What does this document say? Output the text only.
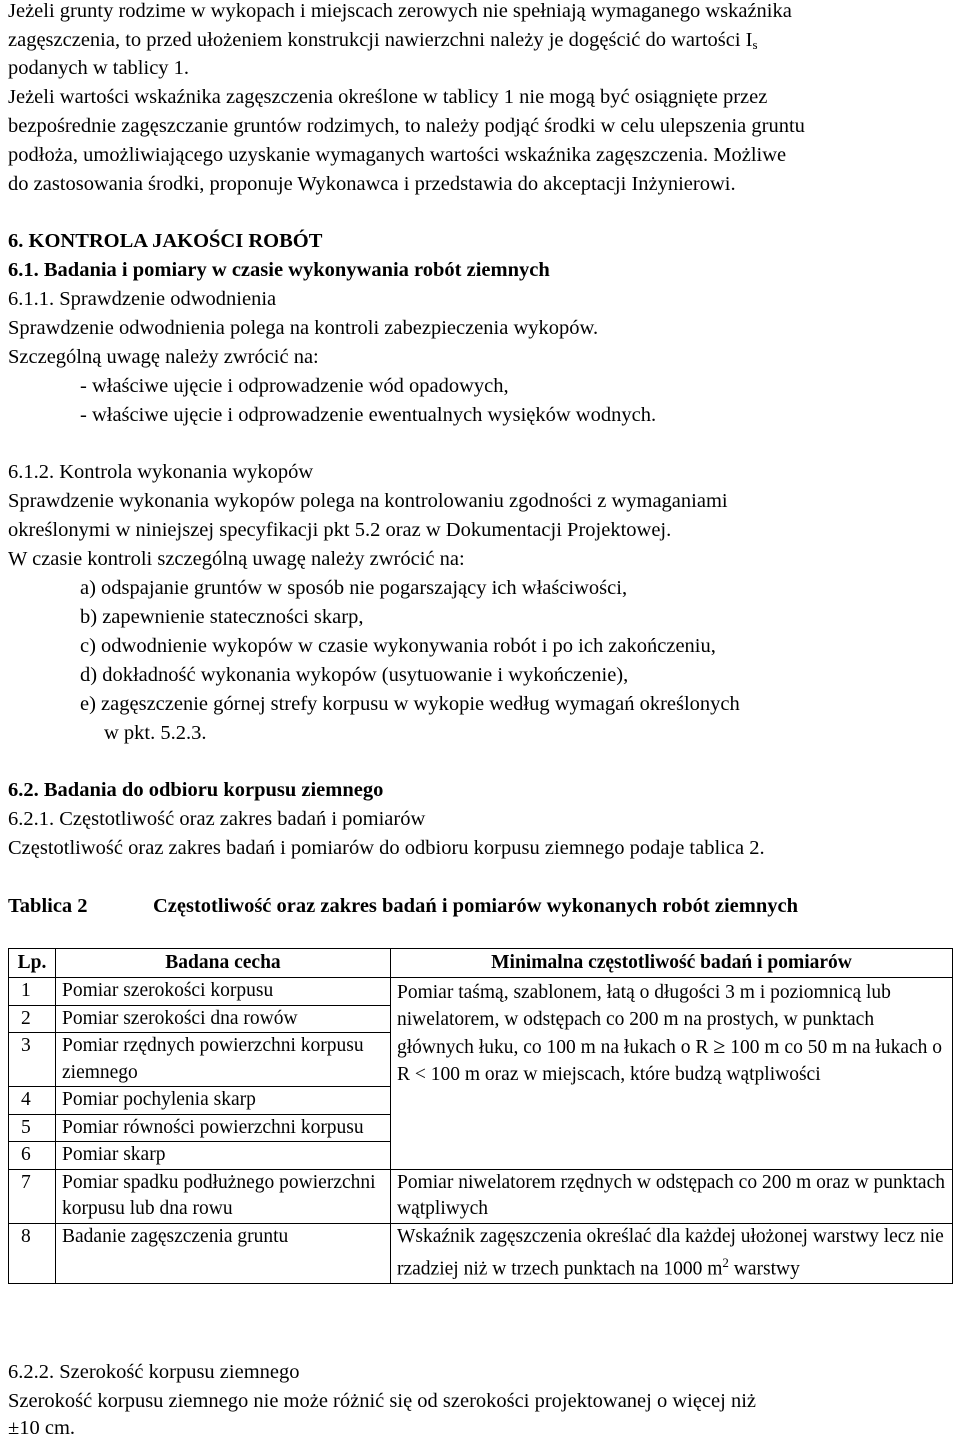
Jeżeli grunty rodzime w wykopach i miejscach zerowych nie spełniają wymaganego wskaźnika
zagęszczenia, to przed ułożeniem konstrukcji nawierzchni należy je dogęścić do wartości $I_s$
podanych w tablicy 1.
Jeżeli wartości wskaźnika zagęszczenia określone w tablicy 1 nie mogą być osiągnięte przez
bezpośrednie zagęszczanie gruntów rodzimych, to należy podjąć środki w celu ulepszenia gruntu
podłoża, umożliwiającego uzyskanie wymaganych wartości wskaźnika zagęszczenia. Możliwe
do zastosowania środki, proponuje Wykonawca i przedstawia do akceptacji Inżynierowi.
6. KONTROLA JAKOŚCI ROBÓT
6.1. Badania i pomiary w czasie wykonywania robót ziemnych
6.1.1. Sprawdzenie odwodnienia
Sprawdzenie odwodnienia polega na kontroli zabezpieczenia wykopów.
Szczególną uwagę należy zwrócić na:
- właściwe ujęcie i odprowadzenie wód opadowych,
- właściwe ujęcie i odprowadzenie ewentualnych wysięków wodnych.
6.1.2. Kontrola wykonania wykopów
Sprawdzenie wykonania wykopów polega na kontrolowaniu zgodności z wymaganiami
określonymi w niniejszej specyfikacji pkt 5.2 oraz w Dokumentacji Projektowej.
W czasie kontroli szczególną uwagę należy zwrócić na:
a) odspajanie gruntów w sposób nie pogarszający ich właściwości,
b) zapewnienie stateczności skarp,
c) odwodnienie wykopów w czasie wykonywania robót i po ich zakończeniu,
d) dokładność wykonania wykopów (usytuowanie i wykończenie),
e) zagęszczenie górnej strefy korpusu w wykopie według wymagań określonych
w pkt. 5.2.3.
6.2. Badania do odbioru korpusu ziemnego
6.2.1. Częstotliwość oraz zakres badań i pomiarów
Częstotliwość oraz zakres badań i pomiarów do odbioru korpusu ziemnego podaje tablica 2.
Tablica 2	Częstotliwość oraz zakres badań i pomiarów wykonanych robót ziemnych
Lp.	Badana cecha	Minimalna częstotliwość badań i pomiarów
1	Pomiar szerokości korpusu	Pomiar taśmą, szablonem, łatą o długości 3 m i poziomnicą lub niwelatorem, w odstępach co 200 m na prostych, w punktach głównych łuku, co 100 m na łukach o R ≥ 100 m co 50 m na łukach o R < 100 m oraz w miejscach, które budzą wątpliwości
2	Pomiar szerokości dna rowów	
3	Pomiar rzędnych powierzchni korpusu ziemnego	
4	Pomiar pochylenia skarp	
5	Pomiar równości powierzchni korpusu	
6	Pomiar skarp	
7	Pomiar spadku podłużnego powierzchni korpusu lub dna rowu	Pomiar niwelatorem rzędnych w odstępach co 200 m oraz w punktach wątpliwych
8	Badanie zagęszczenia gruntu	Wskaźnik zagęszczenia określać dla każdej ułożonej warstwy lecz nie rzadziej niż w trzech punktach na 1000 $m^2$ warstwy
6.2.2. Szerokość korpusu ziemnego
Szerokość korpusu ziemnego nie może różnić się od szerokości projektowanej o więcej niż
±10 cm.
